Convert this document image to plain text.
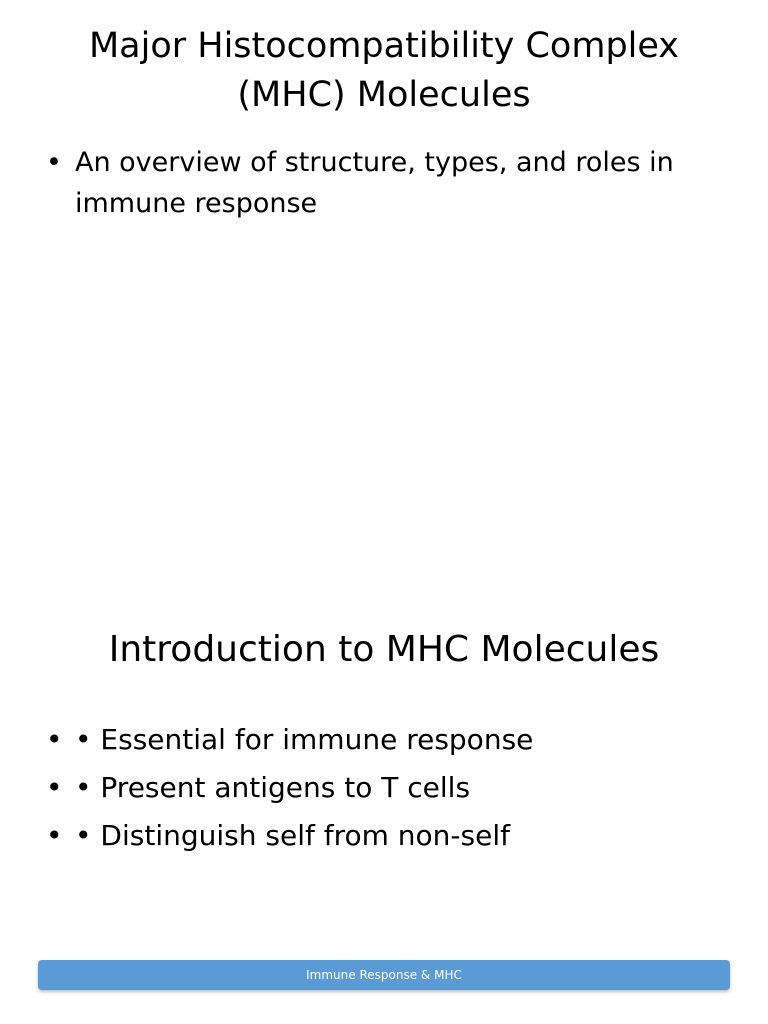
Major Histocompatibility Complex (MHC) Molecules
• An overview of structure, types, and roles in immune response
Introduction to MHC Molecules
• • Essential for immune response
• • Present antigens to T cells
• • Distinguish self from non-self
Immune Response & MHC
